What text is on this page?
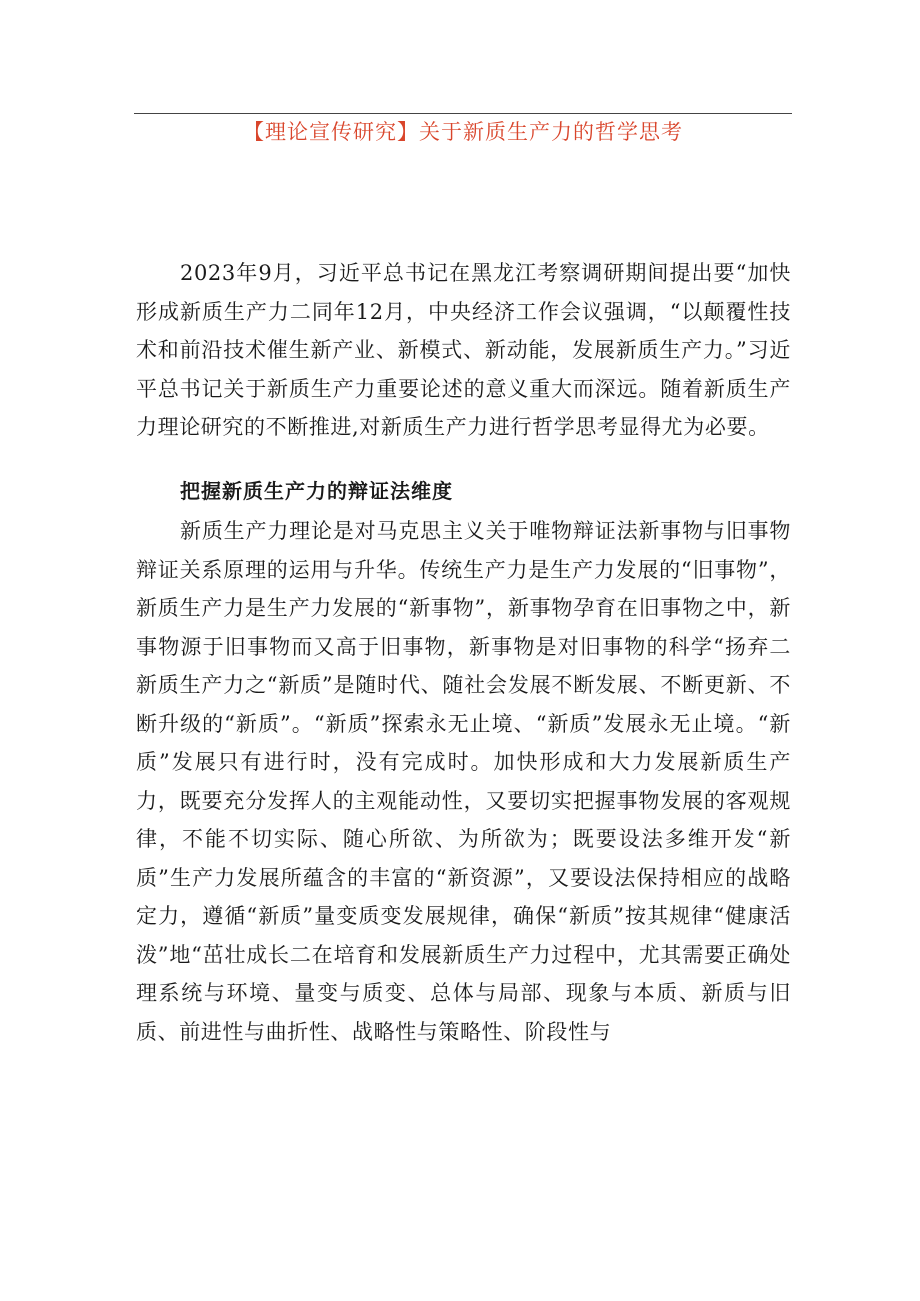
【理论宣传研究】关于新质生产力的哲学思考

2023年9月，习近平总书记在黑龙江考察调研期间提出要“加快形成新质生产力二同年12月，中央经济工作会议强调，“以颠覆性技术和前沿技术催生新产业、新模式、新动能，发展新质生产力。”习近平总书记关于新质生产力重要论述的意义重大而深远。随着新质生产力理论研究的不断推进,对新质生产力进行哲学思考显得尤为必要。

把握新质生产力的辩证法维度

新质生产力理论是对马克思主义关于唯物辩证法新事物与旧事物辩证关系原理的运用与升华。传统生产力是生产力发展的“旧事物”，新质生产力是生产力发展的“新事物”，新事物孕育在旧事物之中，新事物源于旧事物而又高于旧事物，新事物是对旧事物的科学“扬弃二新质生产力之“新质”是随时代、随社会发展不断发展、不断更新、不断升级的“新质”。“新质”探索永无止境、“新质”发展永无止境。“新质”发展只有进行时，没有完成时。加快形成和大力发展新质生产力，既要充分发挥人的主观能动性，又要切实把握事物发展的客观规律，不能不切实际、随心所欲、为所欲为；既要设法多维开发“新质”生产力发展所蕴含的丰富的“新资源”，又要设法保持相应的战略定力，遵循“新质”量变质变发展规律，确保“新质”按其规律“健康活泼”地“茁壮成长二在培育和发展新质生产力过程中，尤其需要正确处理系统与环境、量变与质变、总体与局部、现象与本质、新质与旧质、前进性与曲折性、战略性与策略性、阶段性与
